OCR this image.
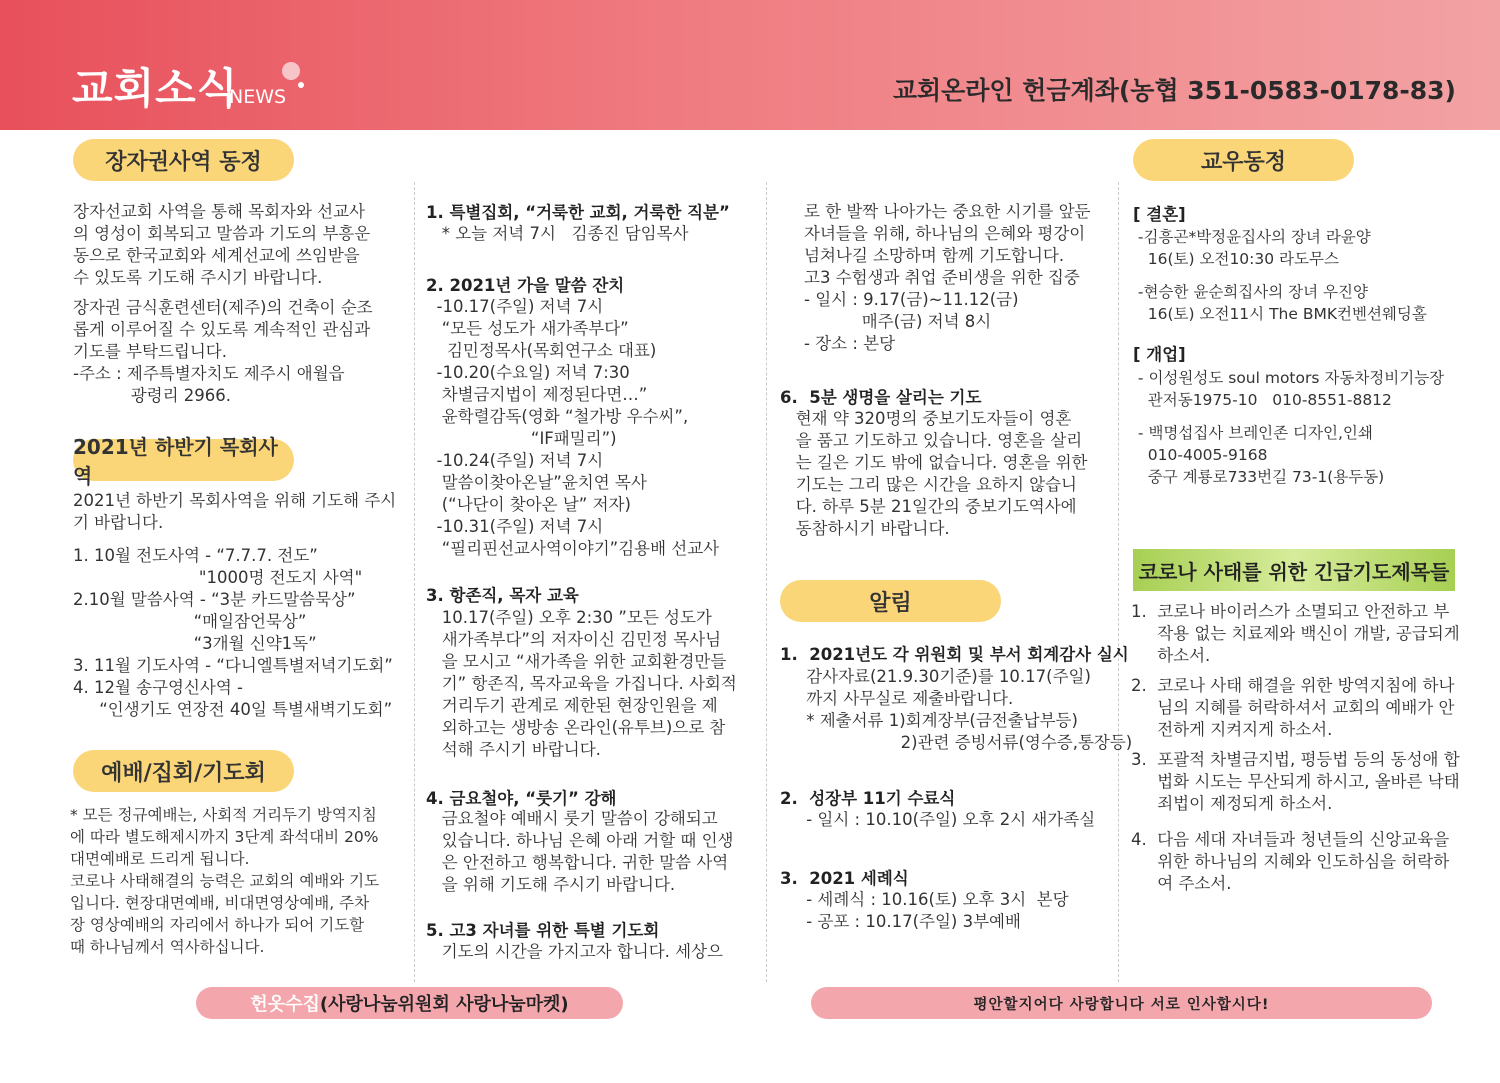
교회소식
NEWS	교회온라인 헌금계좌(농협 351-0583-0178-83)
장자권사역 동정
장자선교회 사역을 통해 목회자와 선교사
의 영성이 회복되고 말씀과 기도의 부흥운
동으로 한국교회와 세계선교에 쓰임받을
수 있도록 기도해 주시기 바랍니다.
장자권 금식훈련센터(제주)의 건축이 순조
롭게 이루어질 수 있도록 계속적인 관심과
기도를 부탁드립니다.
-주소 : 제주특별자치도 제주시 애월읍
광령리 2966.
2021년 하반기 목회사역
2021년 하반기 목회사역을 위해 기도해 주시
기 바랍니다.
1. 10월 전도사역 - “7.7.7. 전도”
"1000명 전도지 사역"
2.10월 말씀사역 - “3분 카드말씀묵상”
“매일잠언묵상”
“3개월 신약1독”
3. 11월 기도사역 - “다니엘특별저녁기도회”
4. 12월 송구영신사역 -
“인생기도 연장전 40일 특별새벽기도회”
예배/집회/기도회
* 모든 정규예배는, 사회적 거리두기 방역지침
에 따라 별도해제시까지 3단계 좌석대비 20%
대면예배로 드리게 됩니다.
코로나 사태해결의 능력은 교회의 예배와 기도
입니다. 현장대면예배, 비대면영상예배, 주차
장 영상예배의 자리에서 하나가 되어 기도할
때 하나님께서 역사하십니다.
1. 특별집회, “거룩한 교회, 거룩한 직분”
* 오늘 저녁 7시   김종진 담임목사
2. 2021년 가을 말씀 잔치
-10.17(주일) 저녁 7시
“모든 성도가 새가족부다”
김민정목사(목회연구소 대표)
-10.20(수요일) 저녁 7:30
차별금지법이 제정된다면…”
윤학렬감독(영화 “철가방 우수씨”,
“IF패밀리”)
-10.24(주일) 저녁 7시
말씀이찾아온날”윤치연 목사
(“나단이 찾아온 날” 저자)
-10.31(주일) 저녁 7시
“필리핀선교사역이야기”김용배 선교사
3. 항존직, 목자 교육
10.17(주일) 오후 2:30 ”모든 성도가
새가족부다”의 저자이신 김민정 목사님
을 모시고 “새가족을 위한 교회환경만들
기” 항존직, 목자교육을 가집니다. 사회적
거리두기 관계로 제한된 현장인원을 제
외하고는 생방송 온라인(유투브)으로 참
석해 주시기 바랍니다.
4. 금요철야, “룻기” 강해
금요철야 예배시 룻기 말씀이 강해되고
있습니다. 하나님 은혜 아래 거할 때 인생
은 안전하고 행복합니다. 귀한 말씀 사역
을 위해 기도해 주시기 바랍니다.
5. 고3 자녀를 위한 특별 기도회
기도의 시간을 가지고자 합니다. 세상으
로 한 발짝 나아가는 중요한 시기를 앞둔
자녀들을 위해, 하나님의 은혜와 평강이
넘쳐나길 소망하며 함께 기도합니다.
고3 수험생과 취업 준비생을 위한 집중
- 일시 : 9.17(금)~11.12(금)
매주(금) 저녁 8시
- 장소 : 본당
6.  5분 생명을 살리는 기도
현재 약 320명의 중보기도자들이 영혼
을 품고 기도하고 있습니다. 영혼을 살리
는 길은 기도 밖에 없습니다. 영혼을 위한
기도는 그리 많은 시간을 요하지 않습니
다. 하루 5분 21일간의 중보기도역사에
동참하시기 바랍니다.
알림
1.  2021년도 각 위원회 및 부서 회계감사 실시
감사자료(21.9.30기준)를 10.17(주일)
까지 사무실로 제출바랍니다.
* 제출서류 1)회계장부(금전출납부등)
2)관련 증빙서류(영수증,통장등)
2.  성장부 11기 수료식
- 일시 : 10.10(주일) 오후 2시 새가족실
3.  2021 세례식
- 세례식 : 10.16(토) 오후 3시  본당
- 공포 : 10.17(주일) 3부예배
교우동정
[ 결혼]
-김흥곤*박정윤집사의 장녀 라윤양
16(토) 오전10:30 라도무스
-현승한 윤순희집사의 장녀 우진양
16(토) 오전11시 The BMK컨벤션웨딩홀
[ 개업]
- 이성원성도 soul motors 자동차정비기능장
관저동1975-10   010-8551-8812
- 백명섭집사 브레인존 디자인,인쇄
010-4005-9168
중구 계룡로733번길 73-1(용두동)
코로나 사태를 위한 긴급기도제목들
1.  코로나 바이러스가 소멸되고 안전하고 부
작용 없는 치료제와 백신이 개발, 공급되게
하소서.
2.  코로나 사태 해결을 위한 방역지침에 하나
님의 지혜를 허락하셔서 교회의 예배가 안
전하게 지켜지게 하소서.
3.  포괄적 차별금지법, 평등법 등의 동성애 합
법화 시도는 무산되게 하시고, 올바른 낙태
죄법이 제정되게 하소서.
4.  다음 세대 자녀들과 청년들의 신앙교육을
위한 하나님의 지혜와 인도하심을 허락하
여 주소서.
헌옷수집 (사랑나눔위원회 사랑나눔마켓)	평안할지어다 사랑합니다 서로 인사합시다!
